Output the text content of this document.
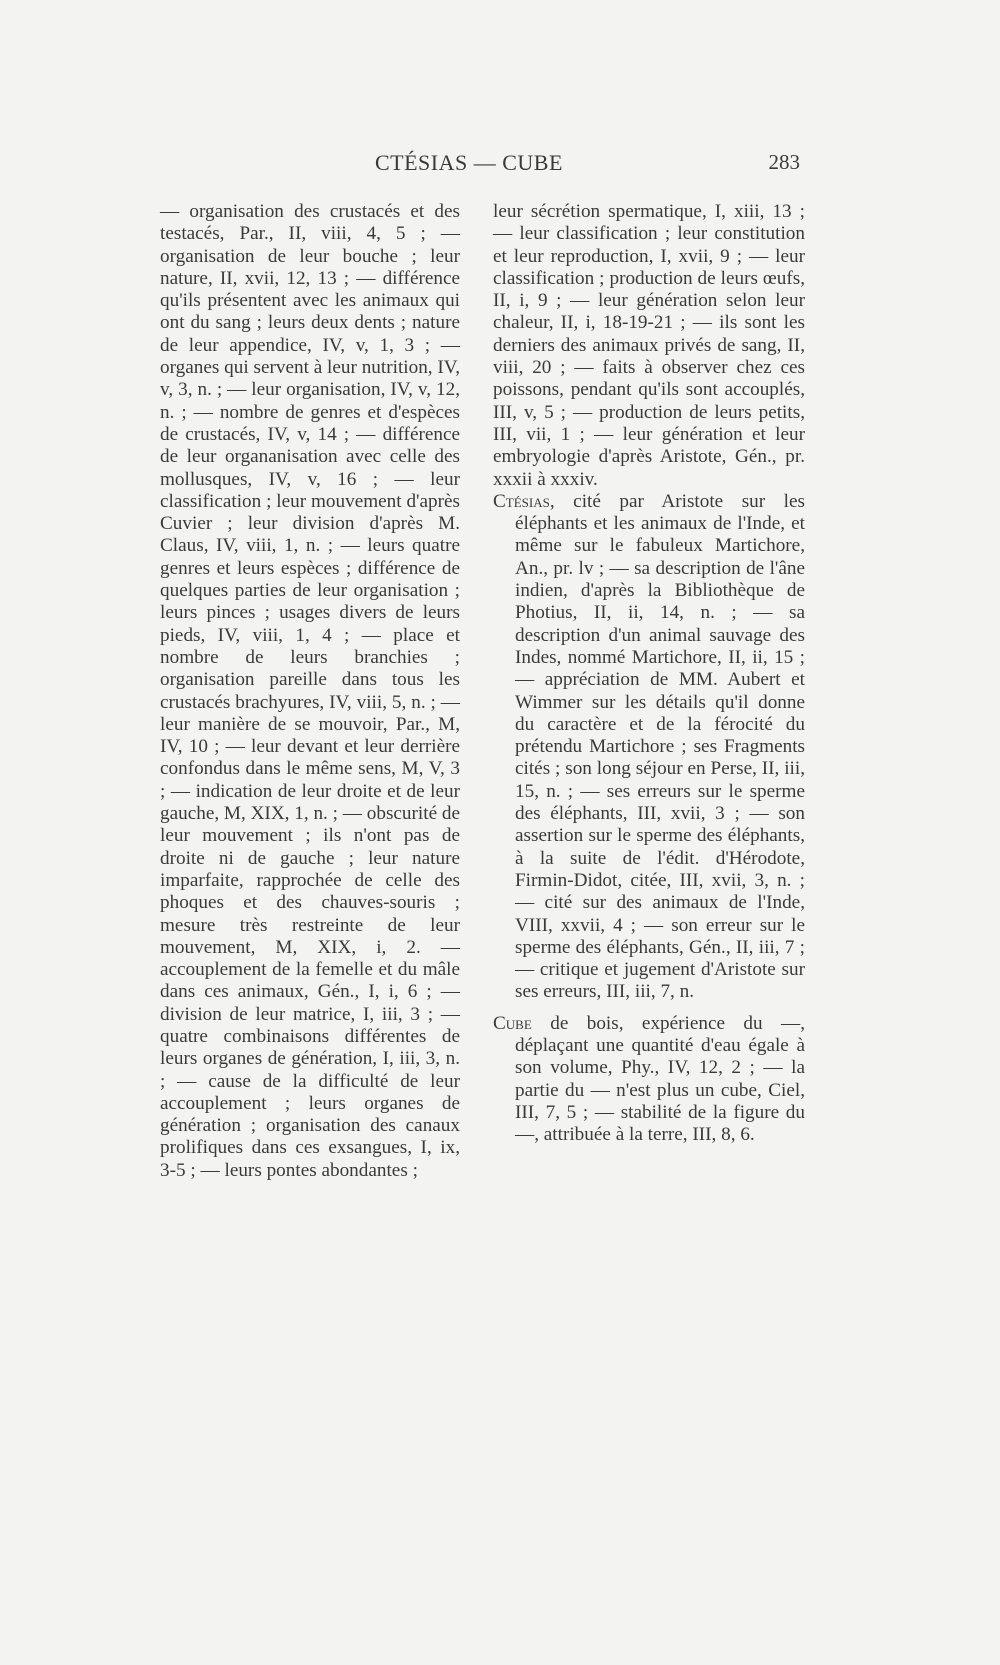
CTÉSIAS — CUBE	283

— organisation des crustacés et des testacés, Par., II, viii, 4, 5 ; — organisation de leur bouche ; leur nature, II, xvii, 12, 13 ; — différence qu'ils présentent avec les animaux qui ont du sang ; leurs deux dents ; nature de leur appendice, IV, v, 1, 3 ; — organes qui servent à leur nutrition, IV, v, 3, n. ; — leur organisation, IV, v, 12, n. ; — nombre de genres et d'espèces de crustacés, IV, v, 14 ; — différence de leur organanisation avec celle des mollusques, IV, v, 16 ; — leur classification ; leur mouvement d'après Cuvier ; leur division d'après M. Claus, IV, viii, 1, n. ; — leurs quatre genres et leurs espèces ; différence de quelques parties de leur organisation ; leurs pinces ; usages divers de leurs pieds, IV, viii, 1, 4 ; — place et nombre de leurs branchies ; organisation pareille dans tous les crustacés brachyures, IV, viii, 5, n. ; — leur manière de se mouvoir, Par., M, IV, 10 ; — leur devant et leur derrière confondus dans le même sens, M, V, 3 ; — indication de leur droite et de leur gauche, M, XIX, 1, n. ; — obscurité de leur mouvement ; ils n'ont pas de droite ni de gauche ; leur nature imparfaite, rapprochée de celle des phoques et des chauves-souris ; mesure très restreinte de leur mouvement, M, XIX, i, 2. — accouplement de la femelle et du mâle dans ces animaux, Gén., I, i, 6 ; — division de leur matrice, I, iii, 3 ; — quatre combinaisons différentes de leurs organes de génération, I, iii, 3, n. ; — cause de la difficulté de leur accouplement ; leurs organes de génération ; organisation des canaux prolifiques dans ces exsangues, I, ix, 3-5 ; — leurs pontes abondantes ;

leur sécrétion spermatique, I, xiii, 13 ; — leur classification ; leur constitution et leur reproduction, I, xvii, 9 ; — leur classification ; production de leurs œufs, II, i, 9 ; — leur génération selon leur chaleur, II, i, 18-19-21 ; — ils sont les derniers des animaux privés de sang, II, viii, 20 ; — faits à observer chez ces poissons, pendant qu'ils sont accouplés, III, v, 5 ; — production de leurs petits, III, vii, 1 ; — leur génération et leur embryologie d'après Aristote, Gén., pr. xxxii à xxxiv.

Ctésias, cité par Aristote sur les éléphants et les animaux de l'Inde, et même sur le fabuleux Martichore, An., pr. lv ; — sa description de l'âne indien, d'après la Bibliothèque de Photius, II, ii, 14, n. ; — sa description d'un animal sauvage des Indes, nommé Martichore, II, ii, 15 ; — appréciation de MM. Aubert et Wimmer sur les détails qu'il donne du caractère et de la férocité du prétendu Martichore ; ses Fragments cités ; son long séjour en Perse, II, iii, 15, n. ; — ses erreurs sur le sperme des éléphants, III, xvii, 3 ; — son assertion sur le sperme des éléphants, à la suite de l'édit. d'Hérodote, Firmin-Didot, citée, III, xvii, 3, n. ; — cité sur des animaux de l'Inde, VIII, xxvii, 4 ; — son erreur sur le sperme des éléphants, Gén., II, iii, 7 ; — critique et jugement d'Aristote sur ses erreurs, III, iii, 7, n.

Cube de bois, expérience du —, déplaçant une quantité d'eau égale à son volume, Phy., IV, 12, 2 ; — la partie du — n'est plus un cube, Ciel, III, 7, 5 ; — stabilité de la figure du —, attribuée à la terre, III, 8, 6.
